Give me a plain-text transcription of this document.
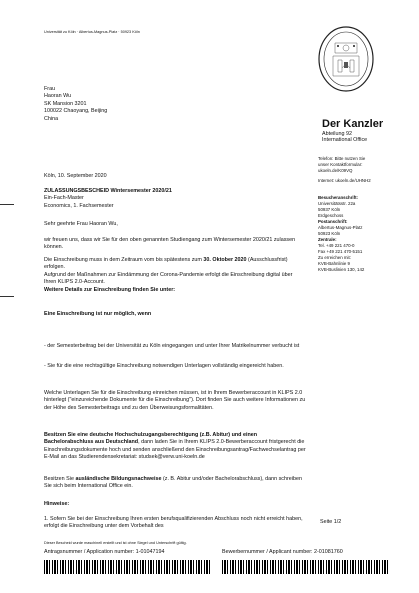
Universität zu Köln · Albertus-Magnus-Platz · 50923 Köln
Frau
Haoran Wu
SK Mansion 3201
100022 Chaoyang, Beijing
China	Der Kanzler
Abteilung 92
International Office
Telefon: Bitte nutzen Sie
unser Kontaktformular:
ukoeln.de/K09VQ
Internet: ukoeln.de/UHNH2
Besucheranschrift:
Universitätsstr. 22a
50937 Köln
Erdgeschoss
Postanschrift:
Albertus-Magnus-Platz
50923 Köln
Zentrale:
Tel. +49 221 470-0
Fax +49 221 470-5151
Zu erreichen mit:
KVB-Bahnlinie 9
KVB-Buslinien 130, 142
Köln, 10. September 2020
ZULASSUNGSBESCHEID Wintersemester 2020/21
Ein-Fach-Master
Economics, 1. Fachsemester
Sehr geehrte Frau Haoran Wu,
wir freuen uns, dass wir Sie für den oben genannten Studiengang zum Wintersemester 2020/21 zulassen können.
Die Einschreibung muss in dem Zeitraum vom bis spätestens zum 30. Oktober 2020 (Ausschlussfrist) erfolgen.
Aufgrund der Maßnahmen zur Eindämmung der Corona-Pandemie erfolgt die Einschreibung digital über Ihren KLIPS 2.0-Account.
Weitere Details zur Einschreibung finden Sie unter:
Eine Einschreibung ist nur möglich, wenn
- der Semesterbeitrag bei der Universität zu Köln eingegangen und unter Ihrer Matrikelnummer verbucht ist
- Sie für die eine rechtsgültige Einschreibung notwendigen Unterlagen vollständig eingereicht haben.
Welche Unterlagen Sie für die Einschreibung einreichen müssen, ist in Ihrem Bewerberaccount in KLIPS 2.0 hinterlegt ("einzureichende Dokumente für die Einschreibung"). Dort finden Sie auch weitere Informationen zu der Höhe des Semesterbeitrags und zu den Überweisungsformalitäten.
Besitzen Sie eine deutsche Hochschulzugangsberechtigung (z.B. Abitur) und einen Bachelorabschluss aus Deutschland, dann laden Sie in Ihrem KLIPS 2.0-Bewerberaccount fristgerecht die Einschreibungsdokumente hoch und senden anschließend den Einschreibungsantrag/Fachwechselantrag per E-Mail an das Studierendensekretariat: studsek@verw.uni-koeln.de
Besitzen Sie ausländische Bildungsnachweise (z. B. Abitur und/oder Bachelorabschluss), dann schreiben Sie sich beim International Office ein.
Hinweise:
1. Sofern Sie bei der Einschreibung Ihren ersten berufsqualifizierenden Abschluss noch nicht erreicht haben, erfolgt die Einschreibung unter dem Vorbehalt des
Seite 1/2
Dieser Bescheid wurde maschinell erstellt und ist ohne Siegel und Unterschrift gültig.
Antragsnummer / Application number: 1-01047194	Bewerbernummer / Applicant number: 2-01081760
